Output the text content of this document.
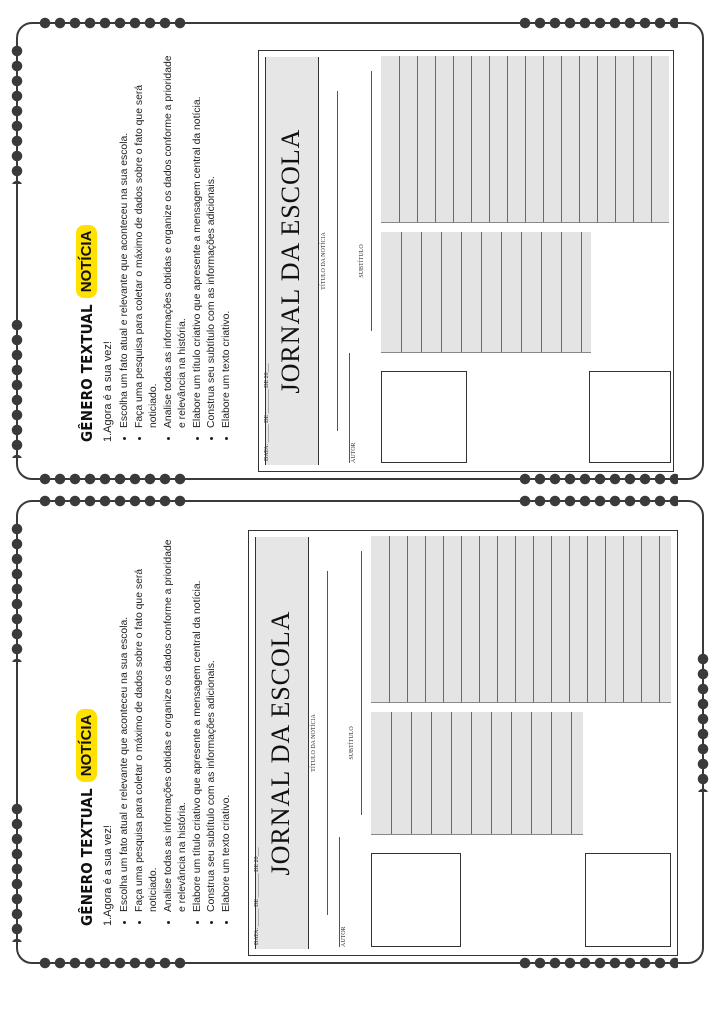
GÊNERO TEXTUAL
NOTÍCIA
1.Agora é a sua vez! • Escolha um fato atual e relevante que aconteceu na sua escola. • Faça uma pesquisa para coletar o máximo de dados sobre o fato que será noticiado. • Analise todas as informações obtidas e organize os dados conforme a prioridade e relevância na história. • Elabore um título criativo que apresente a mensagem central da notícia. • Construa seu subtítulo com as informações adicionais. • Elabore um texto criativo.	DATA: ______ DE ________ DE 20___
JORNAL DA ESCOLA	TÍTULO DA NOTÍCIA
AUTOR
SUBTÍTULO
GÊNERO TEXTUAL
NOTÍCIA
1.Agora é a sua vez! • Escolha um fato atual e relevante que aconteceu na sua escola. • Faça uma pesquisa para coletar o máximo de dados sobre o fato que será noticiado. • Analise todas as informações obtidas e organize os dados conforme a prioridade e relevância na história. • Elabore um título criativo que apresente a mensagem central da notícia. • Construa seu subtítulo com as informações adicionais. • Elabore um texto criativo.	DATA: ______ DE ________ DE 20___
JORNAL DA ESCOLA	TÍTULO DA NOTÍCIA
AUTOR
SUBTÍTULO
